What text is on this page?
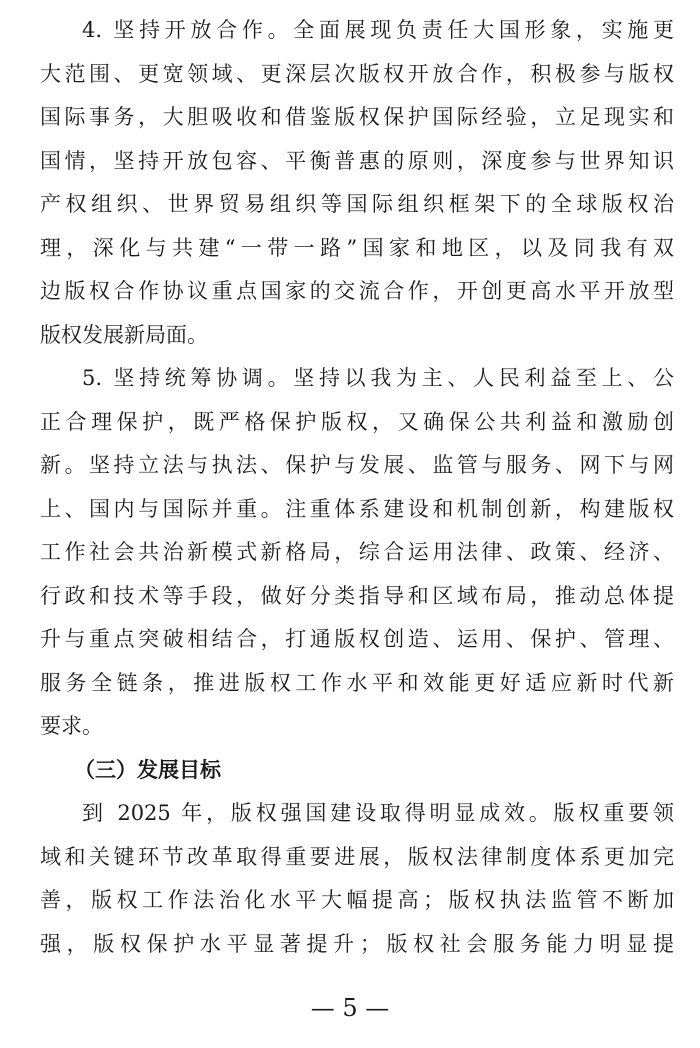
4. 坚持开放合作。全面展现负责任大国形象，实施更
大范围、更宽领域、更深层次版权开放合作，积极参与版权
国际事务，大胆吸收和借鉴版权保护国际经验，立足现实和
国情，坚持开放包容、平衡普惠的原则，深度参与世界知识
产权组织、世界贸易组织等国际组织框架下的全球版权治
理，深化与共建“一带一路”国家和地区，以及同我有双
边版权合作协议重点国家的交流合作，开创更高水平开放型
版权发展新局面。
5. 坚持统筹协调。坚持以我为主、人民利益至上、公
正合理保护，既严格保护版权，又确保公共利益和激励创
新。坚持立法与执法、保护与发展、监管与服务、网下与网
上、国内与国际并重。注重体系建设和机制创新，构建版权
工作社会共治新模式新格局，综合运用法律、政策、经济、
行政和技术等手段，做好分类指导和区域布局，推动总体提
升与重点突破相结合，打通版权创造、运用、保护、管理、
服务全链条，推进版权工作水平和效能更好适应新时代新
要求。
（三）发展目标
到 2025 年，版权强国建设取得明显成效。版权重要领
域和关键环节改革取得重要进展，版权法律制度体系更加完
善，版权工作法治化水平大幅提高；版权执法监管不断加
强，版权保护水平显著提升；版权社会服务能力明显提
— 5 —
